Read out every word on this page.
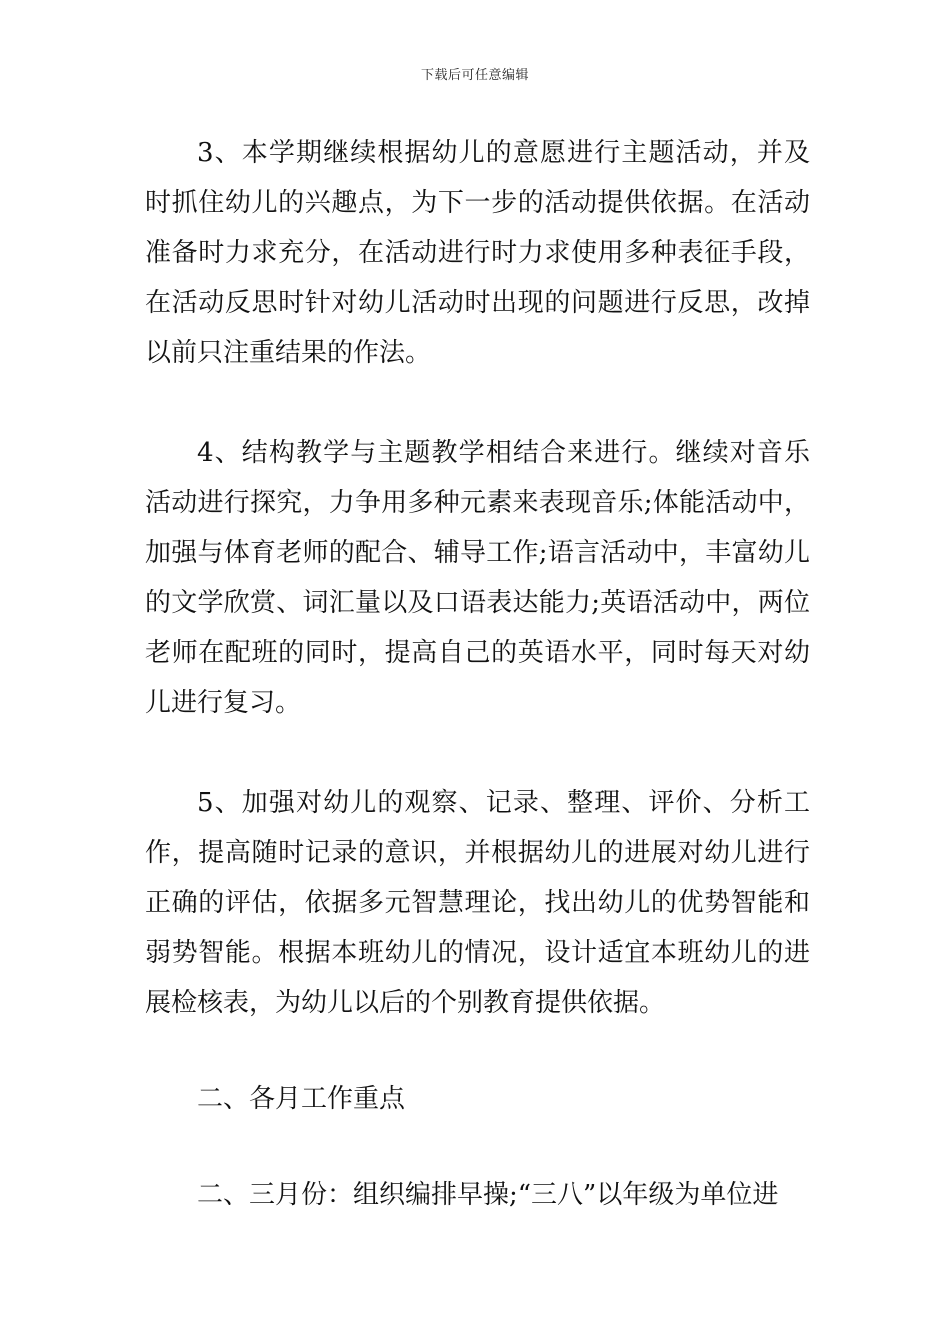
下载后可任意编辑

3、本学期继续根据幼儿的意愿进行主题活动，并及时抓住幼儿的兴趣点，为下一步的活动提供依据。在活动准备时力求充分，在活动进行时力求使用多种表征手段，在活动反思时针对幼儿活动时出现的问题进行反思，改掉以前只注重结果的作法。

4、结构教学与主题教学相结合来进行。继续对音乐活动进行探究，力争用多种元素来表现音乐;体能活动中，加强与体育老师的配合、辅导工作;语言活动中，丰富幼儿的文学欣赏、词汇量以及口语表达能力;英语活动中，两位老师在配班的同时，提高自己的英语水平，同时每天对幼儿进行复习。

5、加强对幼儿的观察、记录、整理、评价、分析工作，提高随时记录的意识，并根据幼儿的进展对幼儿进行正确的评估，依据多元智慧理论，找出幼儿的优势智能和弱势智能。根据本班幼儿的情况，设计适宜本班幼儿的进展检核表，为幼儿以后的个别教育提供依据。

二、各月工作重点

二、三月份：组织编排早操;“三八”以年级为单位进
